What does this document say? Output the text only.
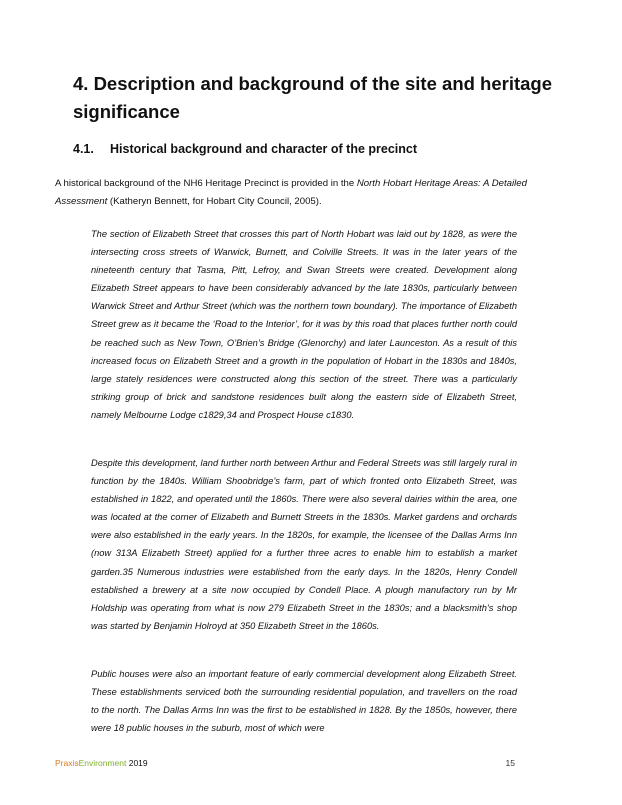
4. Description and background of the site and heritage significance
4.1. Historical background and character of the precinct

A historical background of the NH6 Heritage Precinct is provided in the North Hobart Heritage Areas: A Detailed Assessment (Katheryn Bennett, for Hobart City Council, 2005).

The section of Elizabeth Street that crosses this part of North Hobart was laid out by 1828, as were the intersecting cross streets of Warwick, Burnett, and Colville Streets. It was in the later years of the nineteenth century that Tasma, Pitt, Lefroy, and Swan Streets were created. Development along Elizabeth Street appears to have been considerably advanced by the late 1830s, particularly between Warwick Street and Arthur Street (which was the northern town boundary). The importance of Elizabeth Street grew as it became the ‘Road to the Interior’, for it was by this road that places further north could be reached such as New Town, O’Brien’s Bridge (Glenorchy) and later Launceston. As a result of this increased focus on Elizabeth Street and a growth in the population of Hobart in the 1830s and 1840s, large stately residences were constructed along this section of the street. There was a particularly striking group of brick and sandstone residences built along the eastern side of Elizabeth Street, namely Melbourne Lodge c1829,34 and Prospect House c1830.

Despite this development, land further north between Arthur and Federal Streets was still largely rural in function by the 1840s. William Shoobridge’s farm, part of which fronted onto Elizabeth Street, was established in 1822, and operated until the 1860s. There were also several dairies within the area, one was located at the corner of Elizabeth and Burnett Streets in the 1830s. Market gardens and orchards were also established in the early years. In the 1820s, for example, the licensee of the Dallas Arms Inn (now 313A Elizabeth Street) applied for a further three acres to enable him to establish a market garden.35 Numerous industries were established from the early days. In the 1820s, Henry Condell established a brewery at a site now occupied by Condell Place. A plough manufactory run by Mr Holdship was operating from what is now 279 Elizabeth Street in the 1830s; and a blacksmith’s shop was started by Benjamin Holroyd at 350 Elizabeth Street in the 1860s.

Public houses were also an important feature of early commercial development along Elizabeth Street. These establishments serviced both the surrounding residential population, and travellers on the road to the north. The Dallas Arms Inn was the first to be established in 1828. By the 1850s, however, there were 18 public houses in the suburb, most of which were

PraxisEnvironment 2019	15
